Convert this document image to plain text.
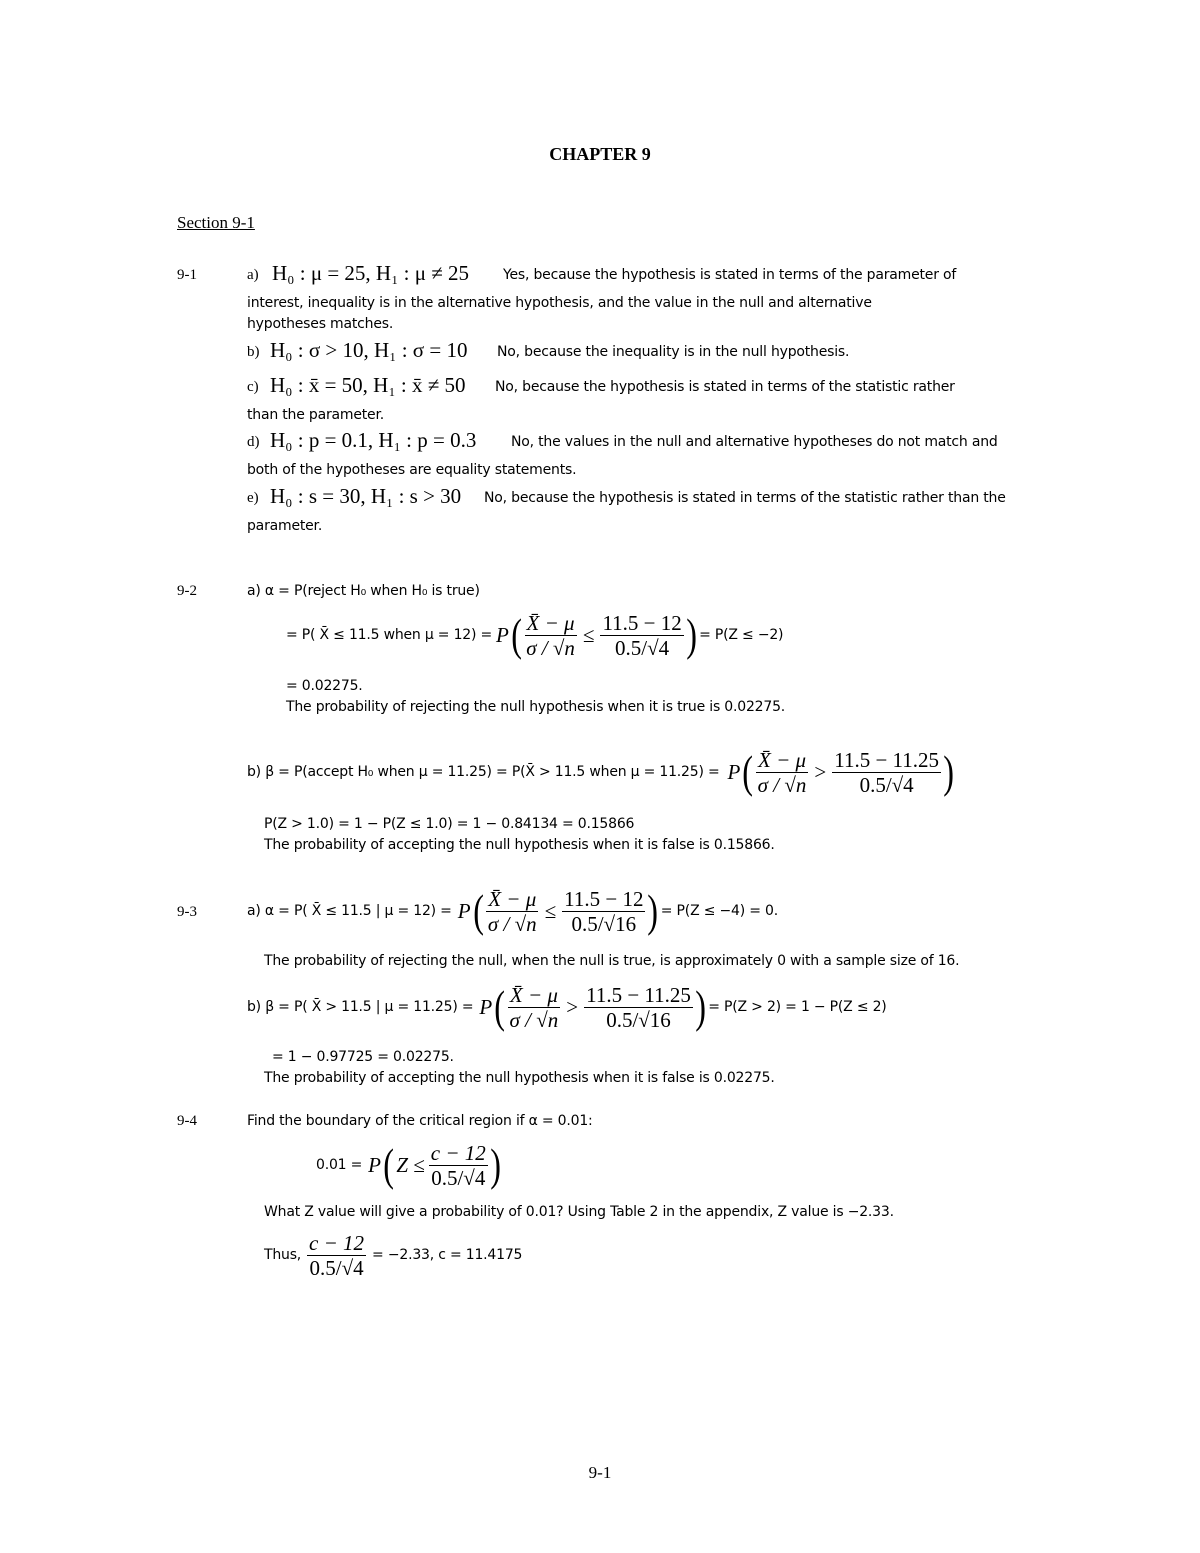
CHAPTER 9
Section 9-1
9-1	a) H₀ : μ = 25, H₁ : μ ≠ 25 Yes, because the hypothesis is stated in terms of the parameter of
interest, inequality is in the alternative hypothesis, and the value in the null and alternative
hypotheses matches.
b) H₀ : σ > 10, H₁ : σ = 10 No, because the inequality is in the null hypothesis.
c) H₀ : x̄ = 50, H₁ : x̄ ≠ 50 No, because the hypothesis is stated in terms of the statistic rather
than the parameter.
d) H₀ : p = 0.1, H₁ : p = 0.3 No, the values in the null and alternative hypotheses do not match and
both of the hypotheses are equality statements.
e) H₀ : s = 30, H₁ : s > 30 No, because the hypothesis is stated in terms of the statistic rather than the
parameter.
9-2	a) α = P(reject H₀ when H₀ is true)
= P( X̄ ≤ 11.5 when μ = 12) = P ( $\frac{X̄ - \mu}{\sigma / √n} \le \frac{11.5 - 12}{0.5/√4}$ ) = P(Z ≤ −2)
= 0.02275.
The probability of rejecting the null hypothesis when it is true is 0.02275.
b) β = P(accept H₀ when μ = 11.25) = P(X̄ > 11.5 when μ = 11.25) = P ( $\frac{X̄ - \mu}{\sigma / √n} > \frac{11.5 - 11.25}{0.5/√4}$ )
P(Z > 1.0) = 1 − P(Z ≤ 1.0) = 1 − 0.84134 = 0.15866
The probability of accepting the null hypothesis when it is false is 0.15866.
9-3	a) α = P( X̄ ≤ 11.5 | μ = 12) = P ( $\frac{X̄ - \mu}{\sigma / √n} \le \frac{11.5 - 12}{0.5/√16}$ ) = P(Z ≤ −4) = 0.
The probability of rejecting the null, when the null is true, is approximately 0 with a sample size of 16.
b) β = P( X̄ > 11.5 | μ = 11.25) = P ( $\frac{X̄ - \mu}{\sigma / √n} > \frac{11.5 - 11.25}{0.5/√16}$ ) = P(Z > 2) = 1 − P(Z ≤ 2)
= 1 − 0.97725 = 0.02275.
The probability of accepting the null hypothesis when it is false is 0.02275.
9-4	Find the boundary of the critical region if α = 0.01:
0.01 = P ( $Z \le \frac{c - 12}{0.5/√4}$ )
What Z value will give a probability of 0.01? Using Table 2 in the appendix, Z value is −2.33.
Thus, $\frac{c - 12}{0.5/√4} = -2.33$, c = 11.4175
9-1
